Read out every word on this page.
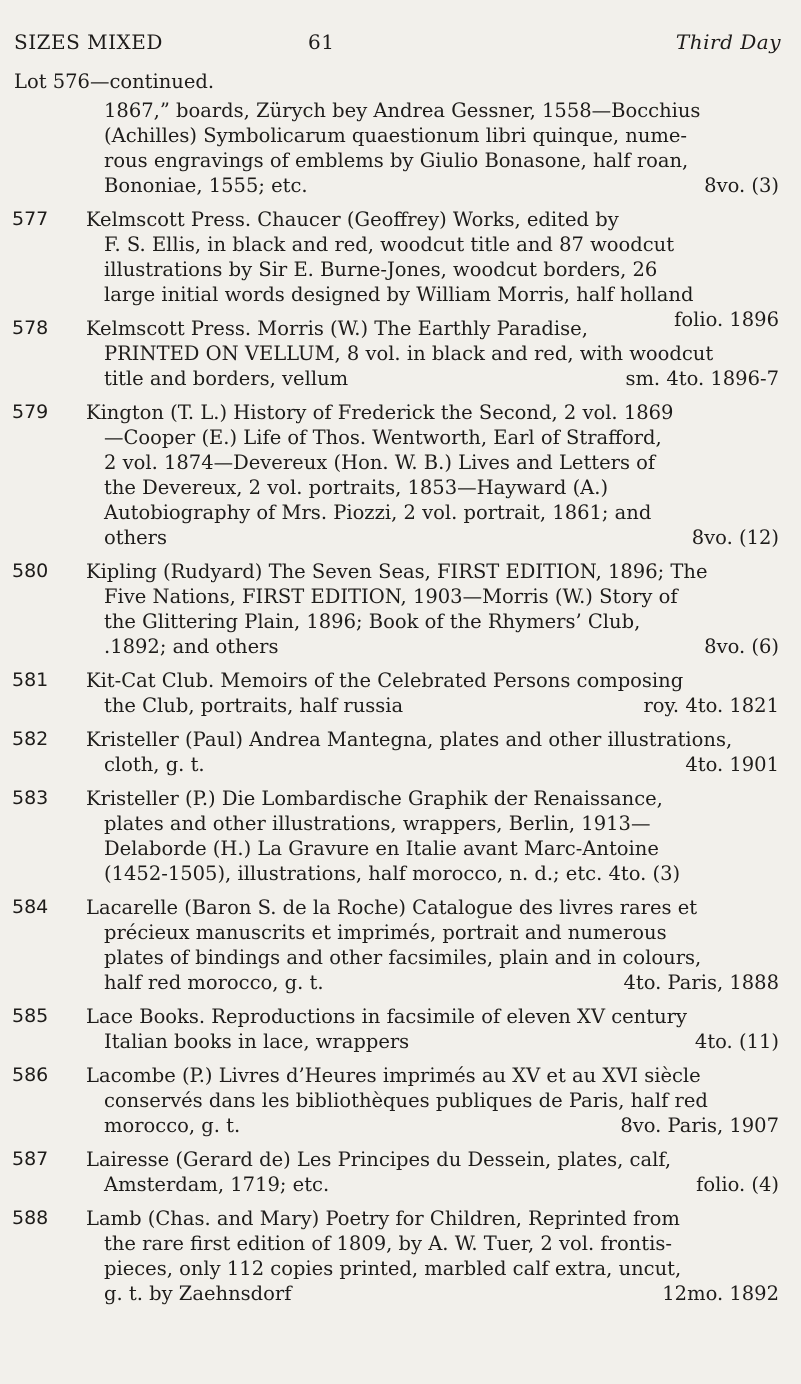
SIZES MIXED	61	Third Day
Lot 576—continued.
1867,” boards, Zürych bey Andrea Gessner, 1558—Bocchius
(Achilles) Symbolicarum quaestionum libri quinque, nume-
rous engravings of emblems by Giulio Bonasone, half roan,
Bononiae, 1555; etc.	8vo. (3)
577	Kelmscott Press. Chaucer (Geoffrey) Works, edited by
F. S. Ellis, in black and red, woodcut title and 87 woodcut
illustrations by Sir E. Burne-Jones, woodcut borders, 26
large initial words designed by William Morris, half holland
folio. 1896
578	Kelmscott Press. Morris (W.) The Earthly Paradise,
PRINTED ON VELLUM, 8 vol. in black and red, with woodcut
title and borders, vellum	sm. 4to. 1896-7
579	Kington (T. L.) History of Frederick the Second, 2 vol. 1869
—Cooper (E.) Life of Thos. Wentworth, Earl of Strafford,
2 vol. 1874—Devereux (Hon. W. B.) Lives and Letters of
the Devereux, 2 vol. portraits, 1853—Hayward (A.)
Autobiography of Mrs. Piozzi, 2 vol. portrait, 1861; and
others	8vo. (12)
580	Kipling (Rudyard) The Seven Seas, FIRST EDITION, 1896; The
Five Nations, FIRST EDITION, 1903—Morris (W.) Story of
the Glittering Plain, 1896; Book of the Rhymers’ Club,
.1892; and others	8vo. (6)
581	Kit-Cat Club. Memoirs of the Celebrated Persons composing
the Club, portraits, half russia	roy. 4to. 1821
582	Kristeller (Paul) Andrea Mantegna, plates and other illustrations,
cloth, g. t.	4to. 1901
583	Kristeller (P.) Die Lombardische Graphik der Renaissance,
plates and other illustrations, wrappers, Berlin, 1913—
Delaborde (H.) La Gravure en Italie avant Marc-Antoine
(1452-1505), illustrations, half morocco, n. d.; etc. 4to. (3)
584	Lacarelle (Baron S. de la Roche) Catalogue des livres rares et
précieux manuscrits et imprimés, portrait and numerous
plates of bindings and other facsimiles, plain and in colours,
half red morocco, g. t.	4to. Paris, 1888
585	Lace Books. Reproductions in facsimile of eleven XV century
Italian books in lace, wrappers	4to. (11)
586	Lacombe (P.) Livres d’Heures imprimés au XV et au XVI siècle
conservés dans les bibliothèques publiques de Paris, half red
morocco, g. t.	8vo. Paris, 1907
587	Lairesse (Gerard de) Les Principes du Dessein, plates, calf,
Amsterdam, 1719; etc.	folio. (4)
588	Lamb (Chas. and Mary) Poetry for Children, Reprinted from
the rare first edition of 1809, by A. W. Tuer, 2 vol. frontis-
pieces, only 112 copies printed, marbled calf extra, uncut,
g. t. by Zaehnsdorf	12mo. 1892
